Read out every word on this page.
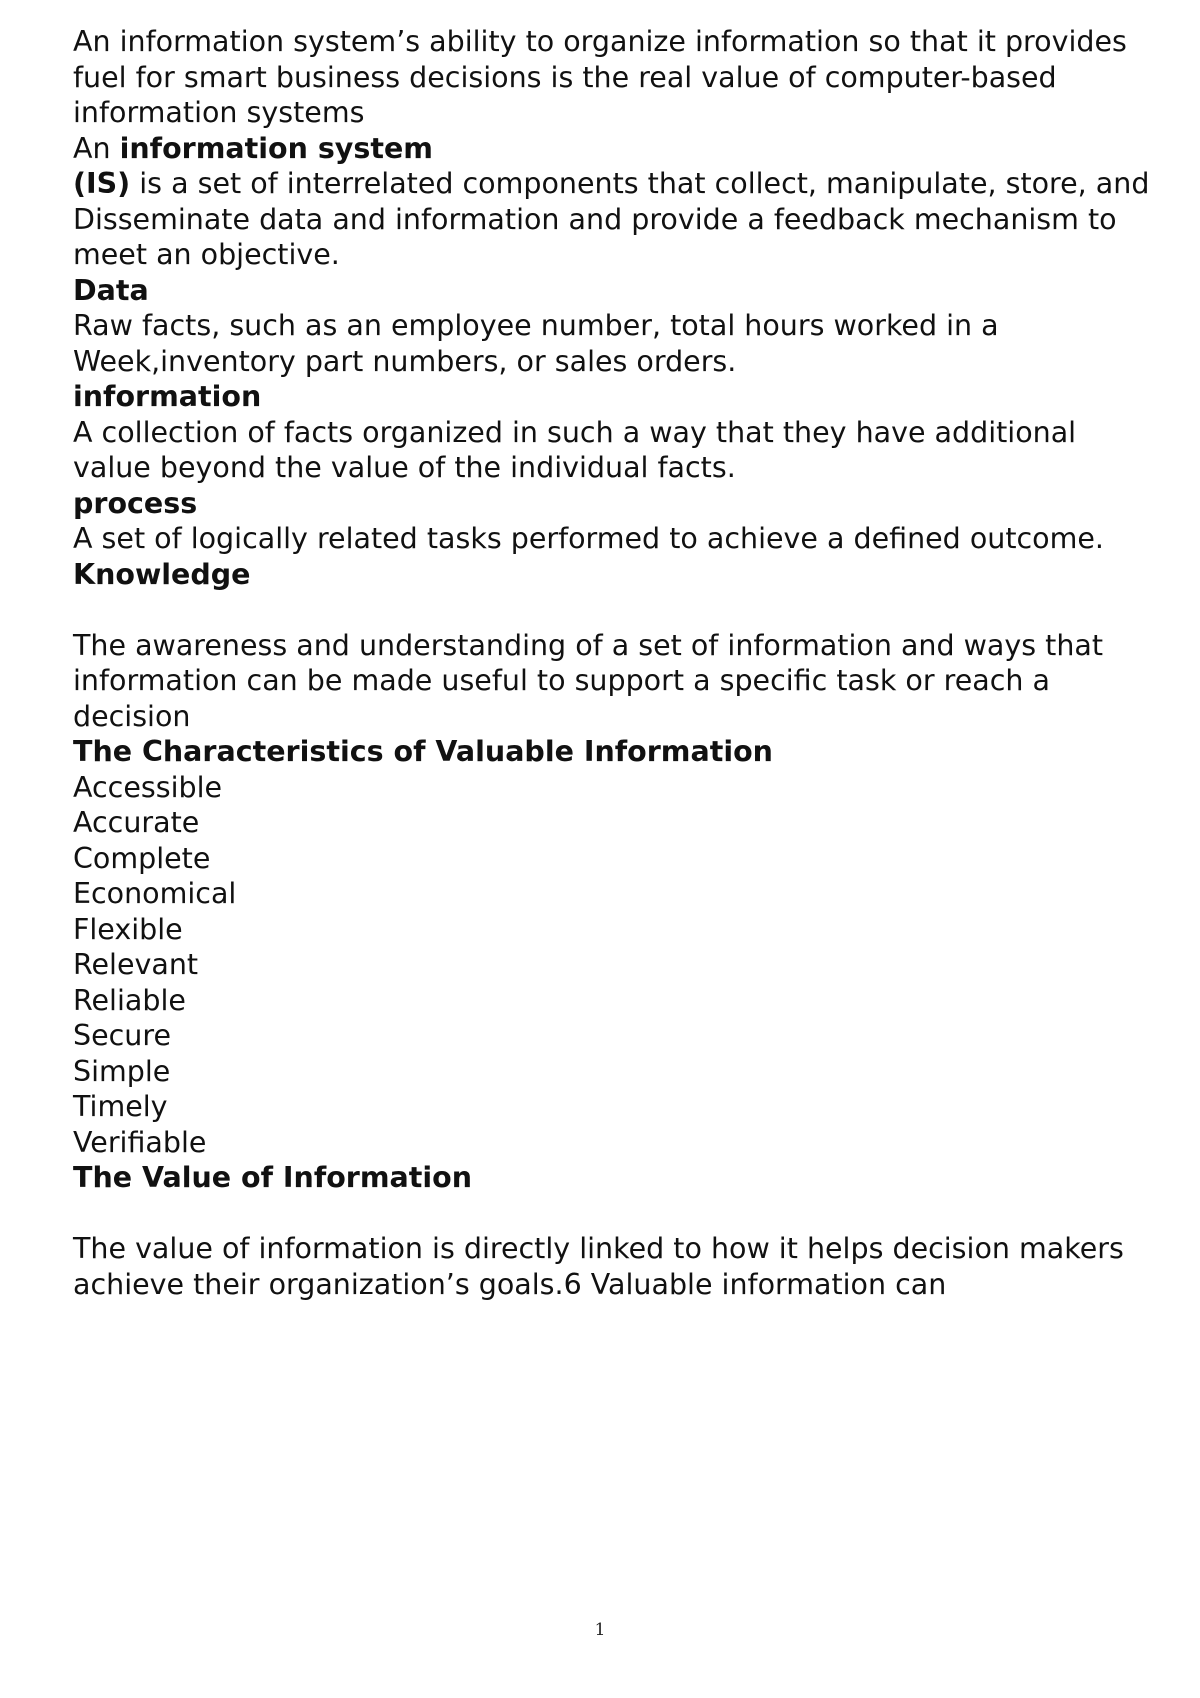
An information system’s ability to organize information so that it provides fuel for smart business decisions is the real value of computer-based information systems

An information system
(IS) is a set of interrelated components that collect, manipulate, store, and Disseminate data and information and provide a feedback mechanism to meet an objective.

Data
Raw facts, such as an employee number, total hours worked in a Week,inventory part numbers, or sales orders.

information
A collection of facts organized in such a way that they have additional value beyond the value of the individual facts.

process
A set of logically related tasks performed to achieve a defined outcome.

Knowledge

The awareness and understanding of a set of information and ways that information can be made useful to support a specific task or reach a

decision

The Characteristics of Valuable Information

Accessible
Accurate
Complete
Economical
Flexible
Relevant
Reliable
Secure
Simple
Timely
Verifiable

The Value of Information

The value of information is directly linked to how it helps decision makers achieve their organization’s goals.6 Valuable information can

1
